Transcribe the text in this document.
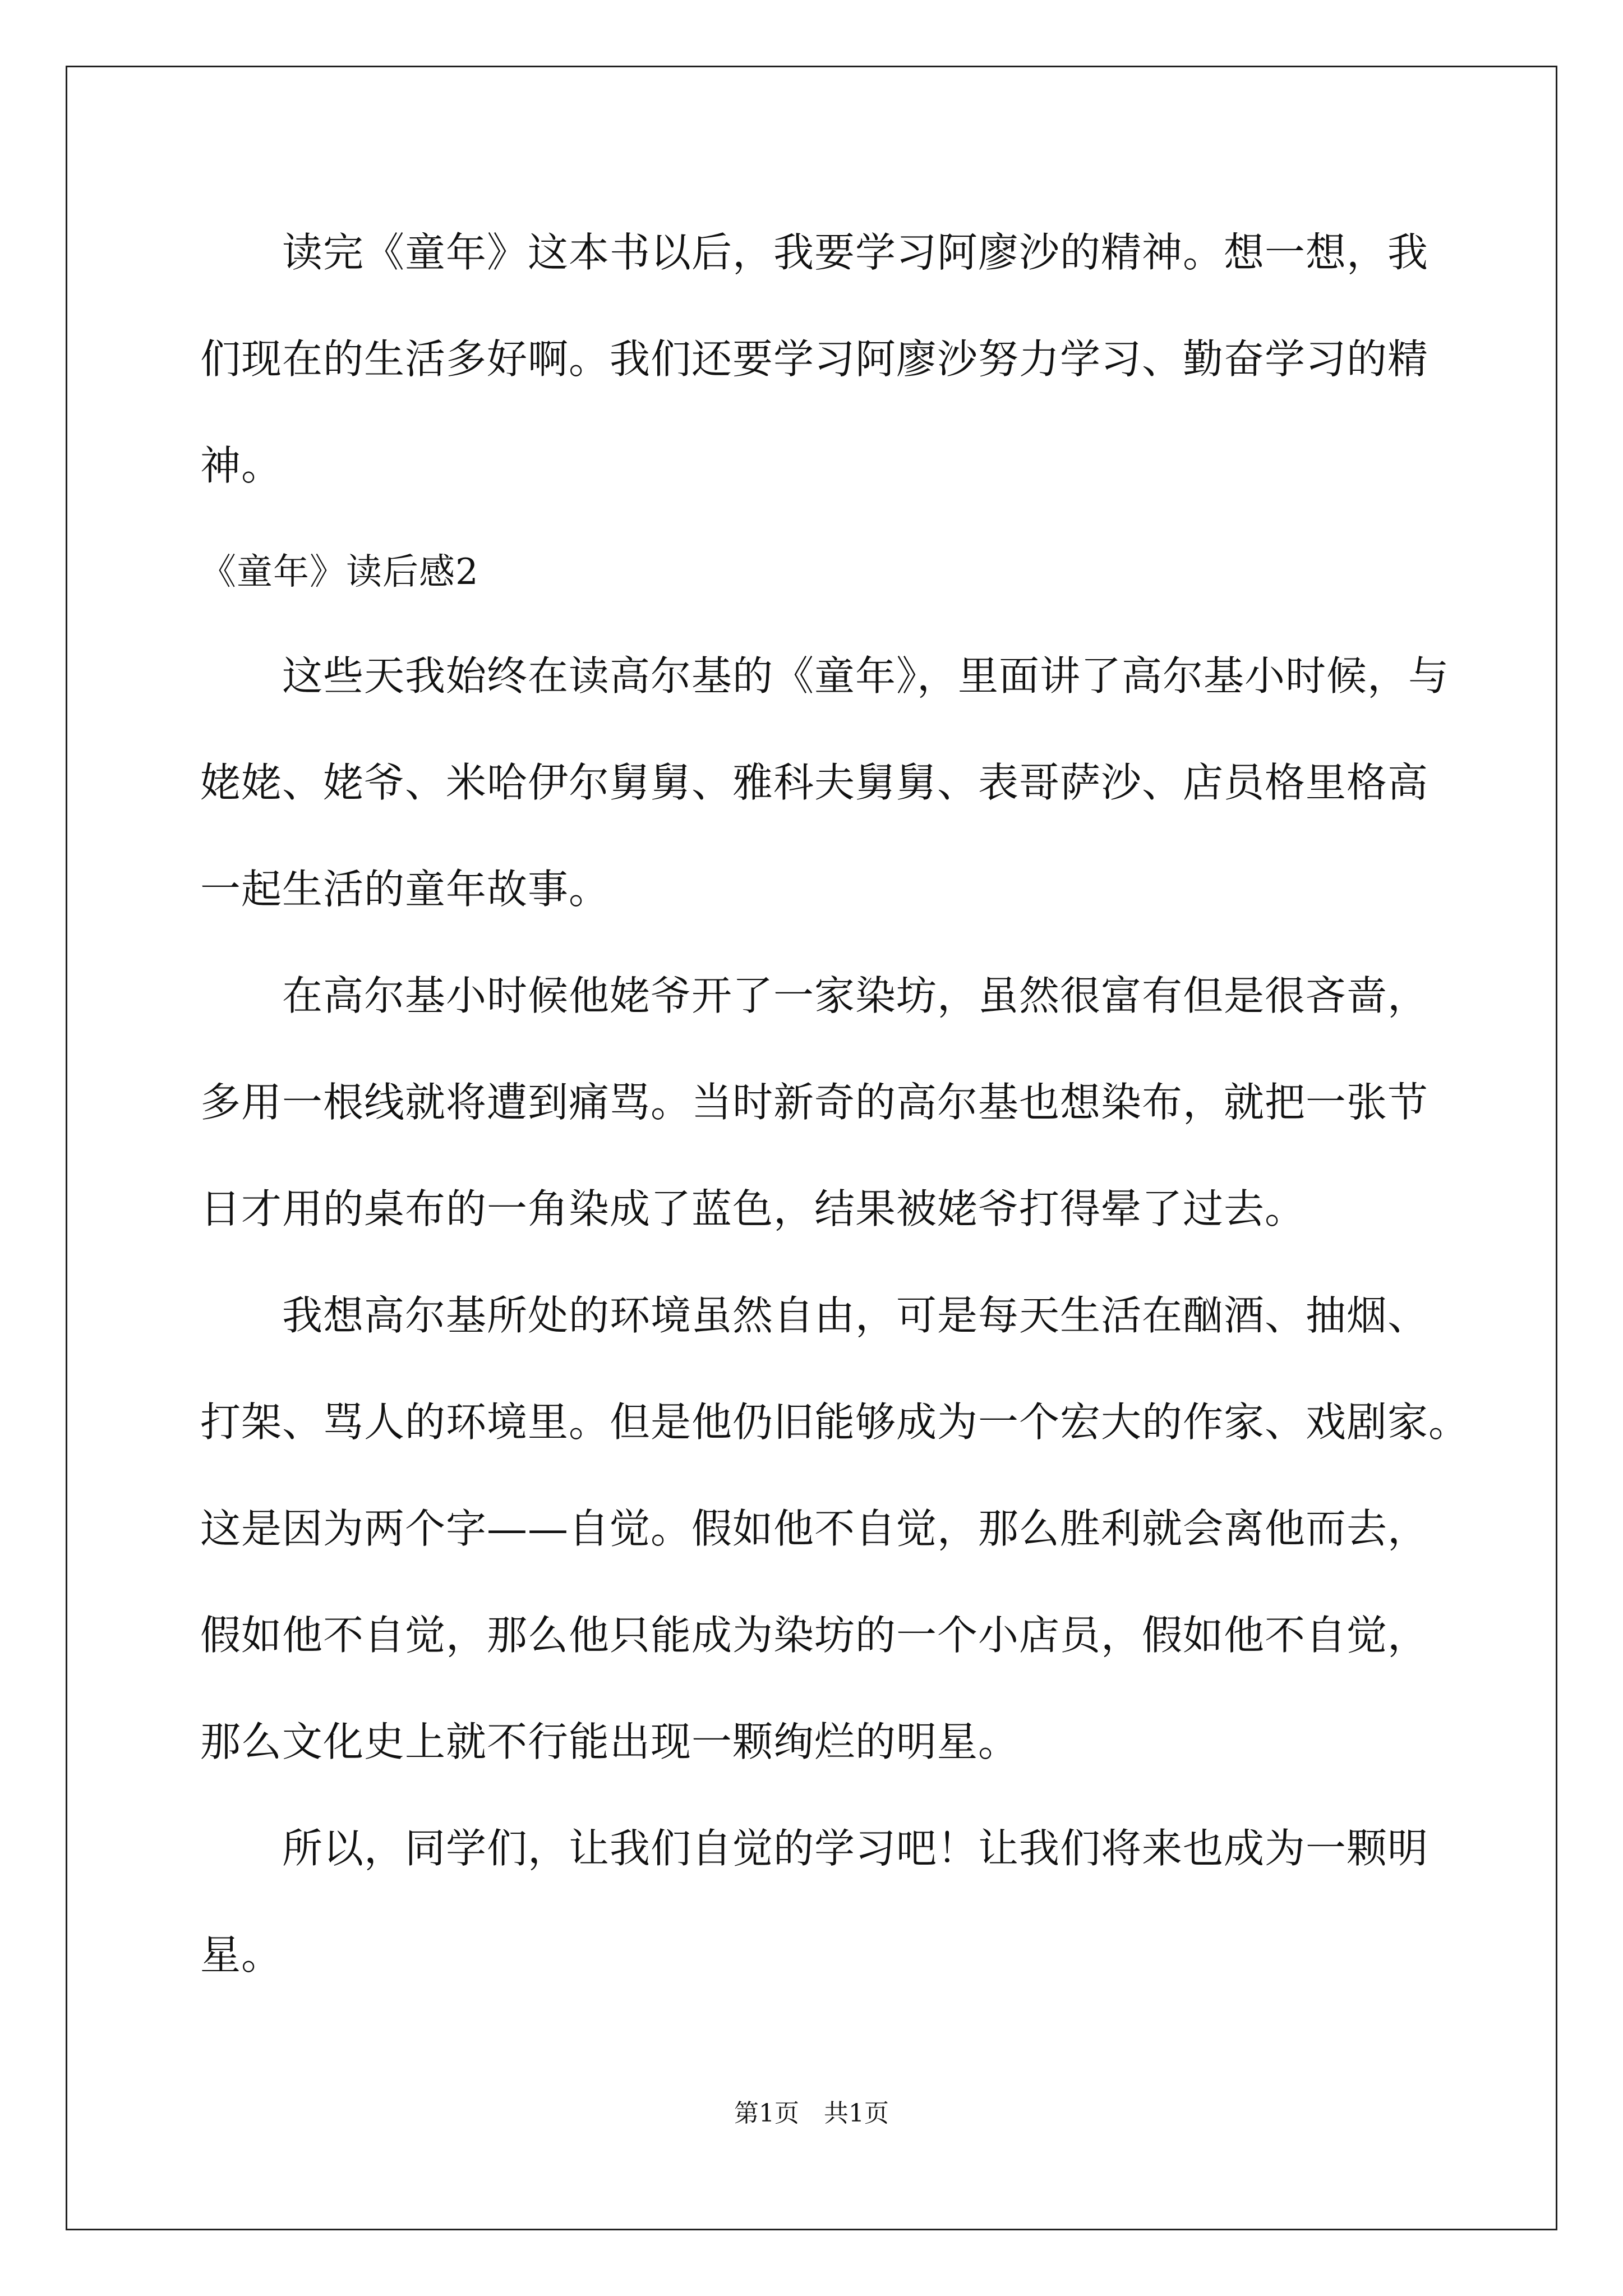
　　读完《童年》这本书以后，我要学习阿廖沙的精神。想一想，我
们现在的生活多好啊。我们还要学习阿廖沙努力学习、勤奋学习的精
神。
《童年》读后感2
　　这些天我始终在读高尔基的《童年》，里面讲了高尔基小时候，与
姥姥、姥爷、米哈伊尔舅舅、雅科夫舅舅、表哥萨沙、店员格里格高
一起生活的童年故事。
　　在高尔基小时候他姥爷开了一家染坊，虽然很富有但是很吝啬，
多用一根线就将遭到痛骂。当时新奇的高尔基也想染布，就把一张节
日才用的桌布的一角染成了蓝色，结果被姥爷打得晕了过去。
　　我想高尔基所处的环境虽然自由，可是每天生活在酗酒、抽烟、
打架、骂人的环境里。但是他仍旧能够成为一个宏大的作家、戏剧家。
这是因为两个字——自觉。假如他不自觉，那么胜利就会离他而去，
假如他不自觉，那么他只能成为染坊的一个小店员，假如他不自觉，
那么文化史上就不行能出现一颗绚烂的明星。
　　所以，同学们，让我们自觉的学习吧！让我们将来也成为一颗明
星。
第1页　共1页
